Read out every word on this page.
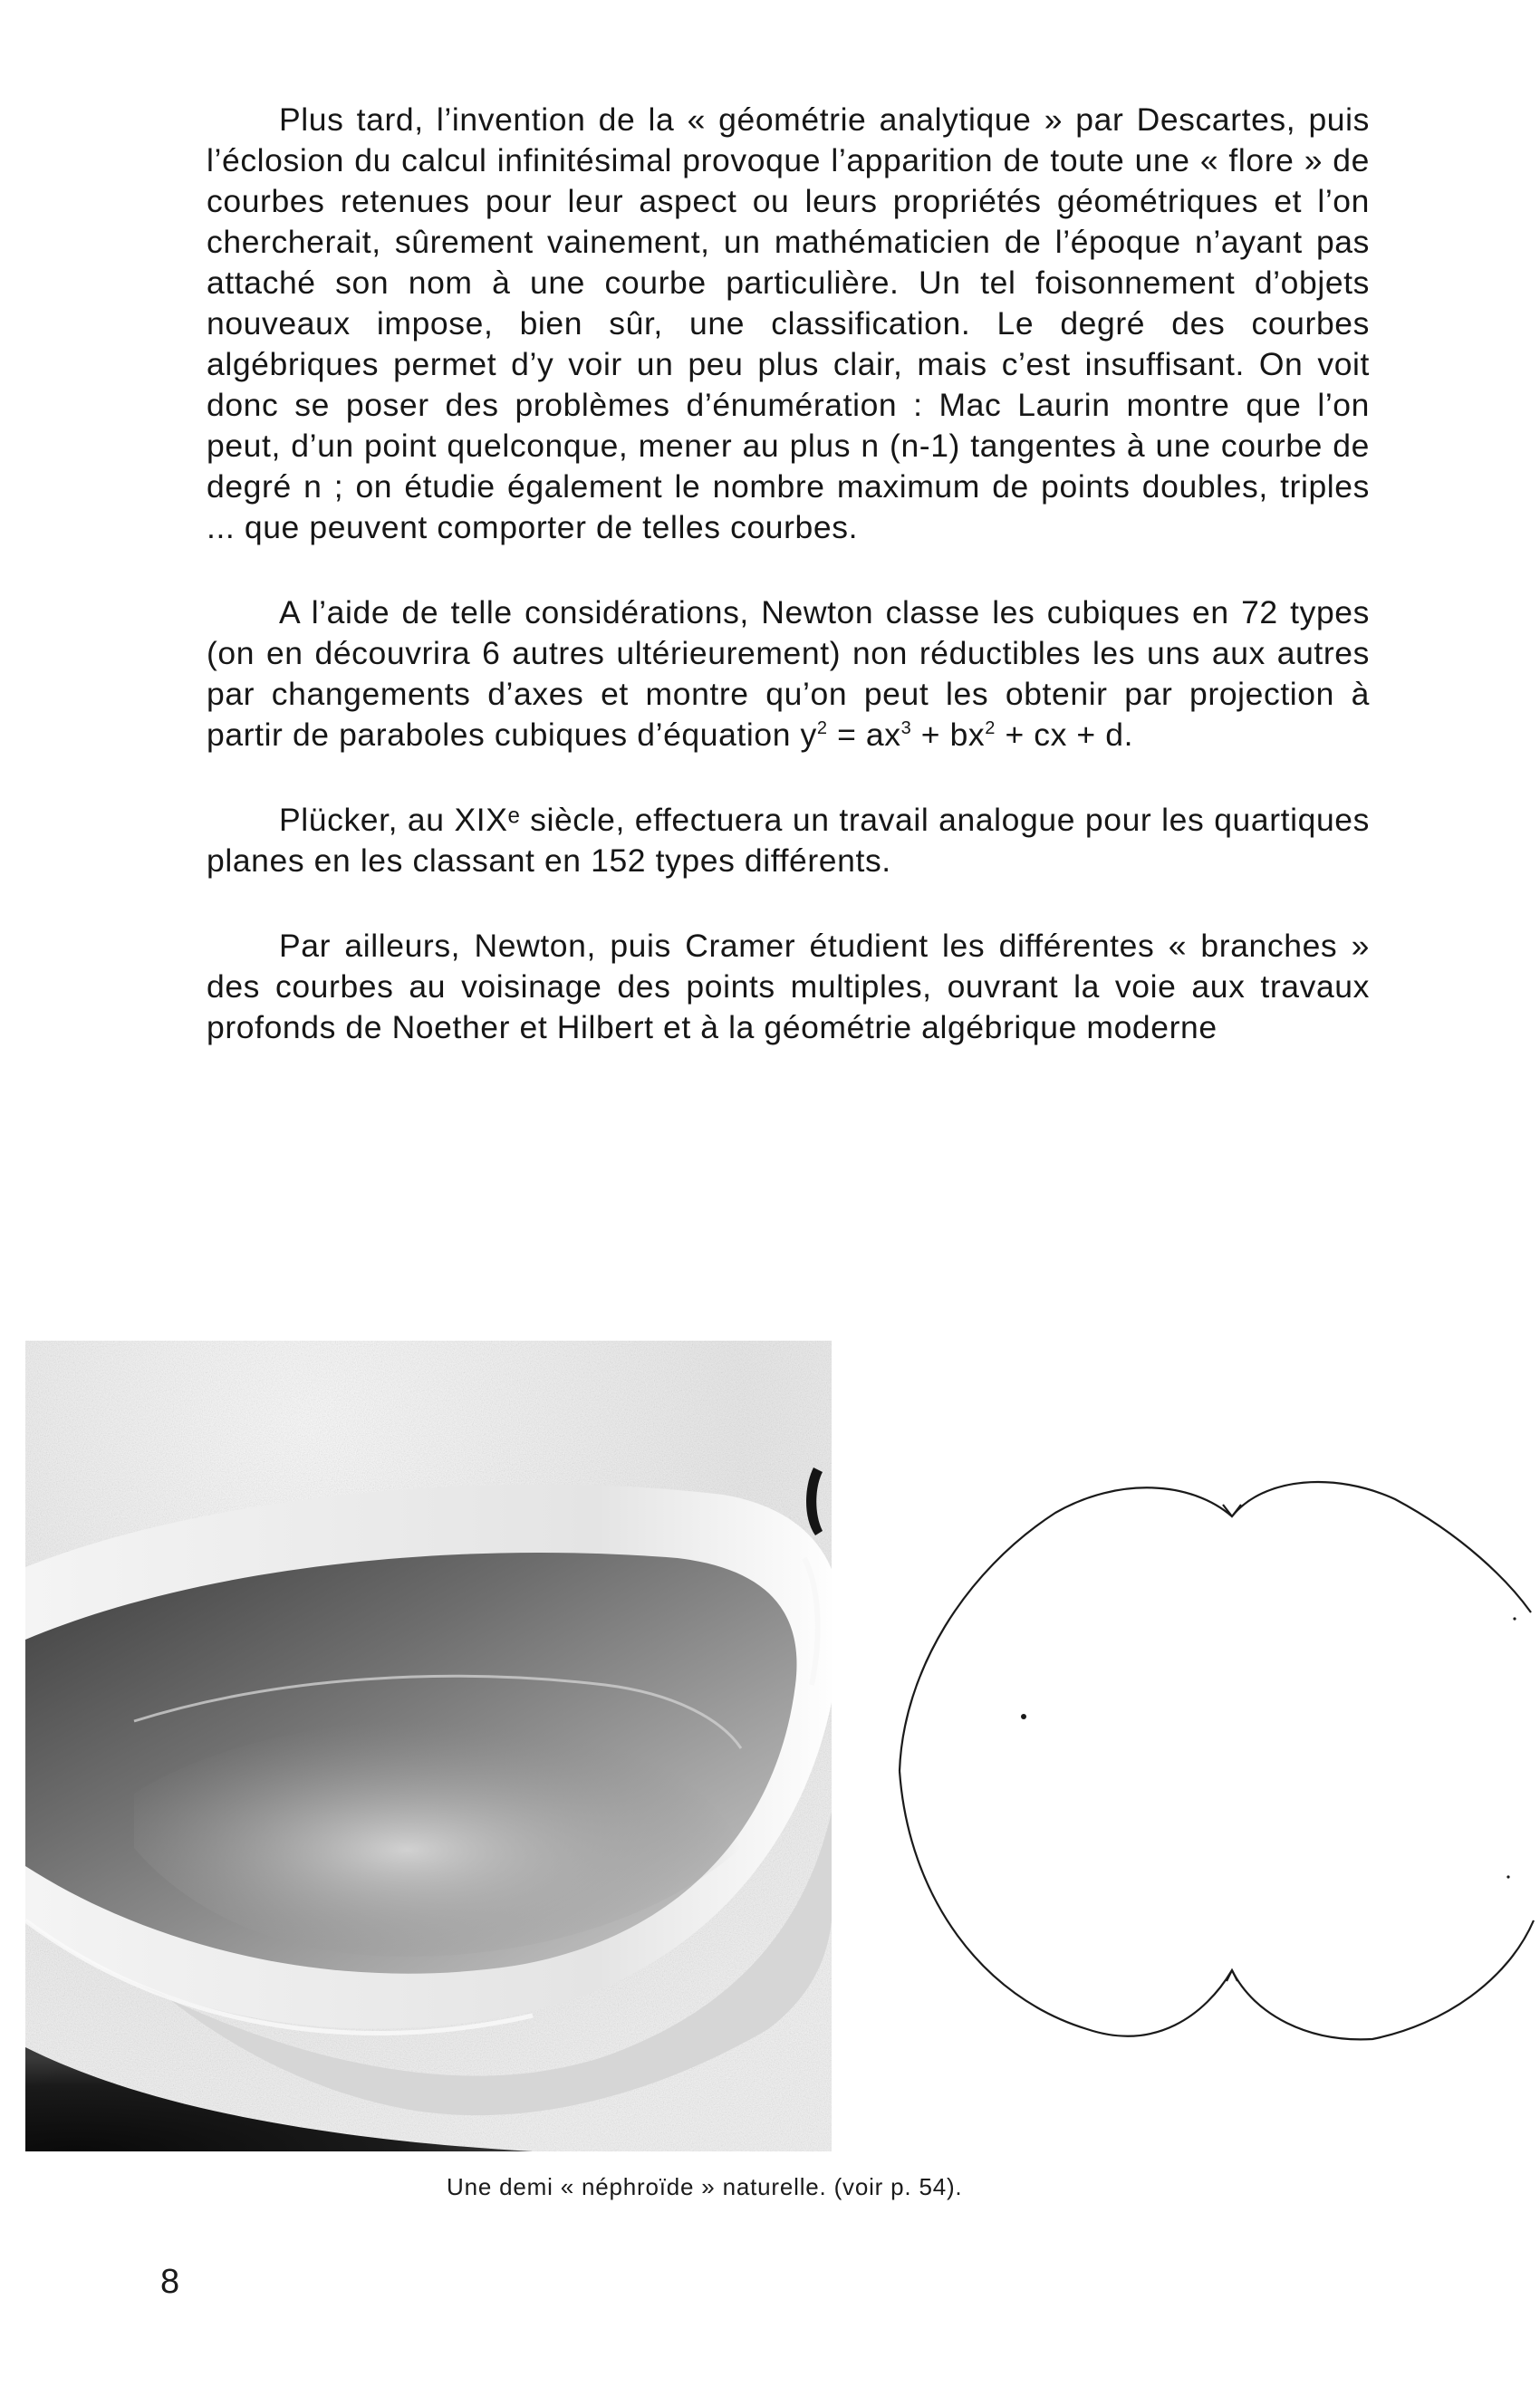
Plus tard, l’invention de la « géométrie analytique » par Descartes, puis l’éclosion du calcul infinitésimal provoque l’apparition de toute une « flore » de courbes retenues pour leur aspect ou leurs propriétés géométriques et l’on chercherait, sûrement vainement, un mathématicien de l’époque n’ayant pas attaché son nom à une courbe particulière. Un tel foisonnement d’objets nouveaux impose, bien sûr, une classification. Le degré des courbes algébriques permet d’y voir un peu plus clair, mais c’est insuffisant. On voit donc se poser des problèmes d’énumération : Mac Laurin montre que l’on peut, d’un point quelconque, mener au plus n (n-1) tangentes à une courbe de degré n ; on étudie également le nombre maximum de points doubles, triples ... que peuvent comporter de telles courbes.

A l’aide de telle considérations, Newton classe les cubiques en 72 types (on en découvrira 6 autres ultérieurement) non réductibles les uns aux autres par changements d’axes et montre qu’on peut les obtenir par projection à partir de paraboles cubiques d’équation $y^2 = ax^3 + bx^2$ + cx + d.

Plücker, au XIXᵉ siècle, effectuera un travail analogue pour les quartiques planes en les classant en 152 types différents.

Par ailleurs, Newton, puis Cramer étudient les différentes « branches » des courbes au voisinage des points multiples, ouvrant la voie aux travaux profonds de Noether et Hilbert et à la géométrie algébrique moderne

Une demi « néphroïde » naturelle. (voir p. 54).
8
